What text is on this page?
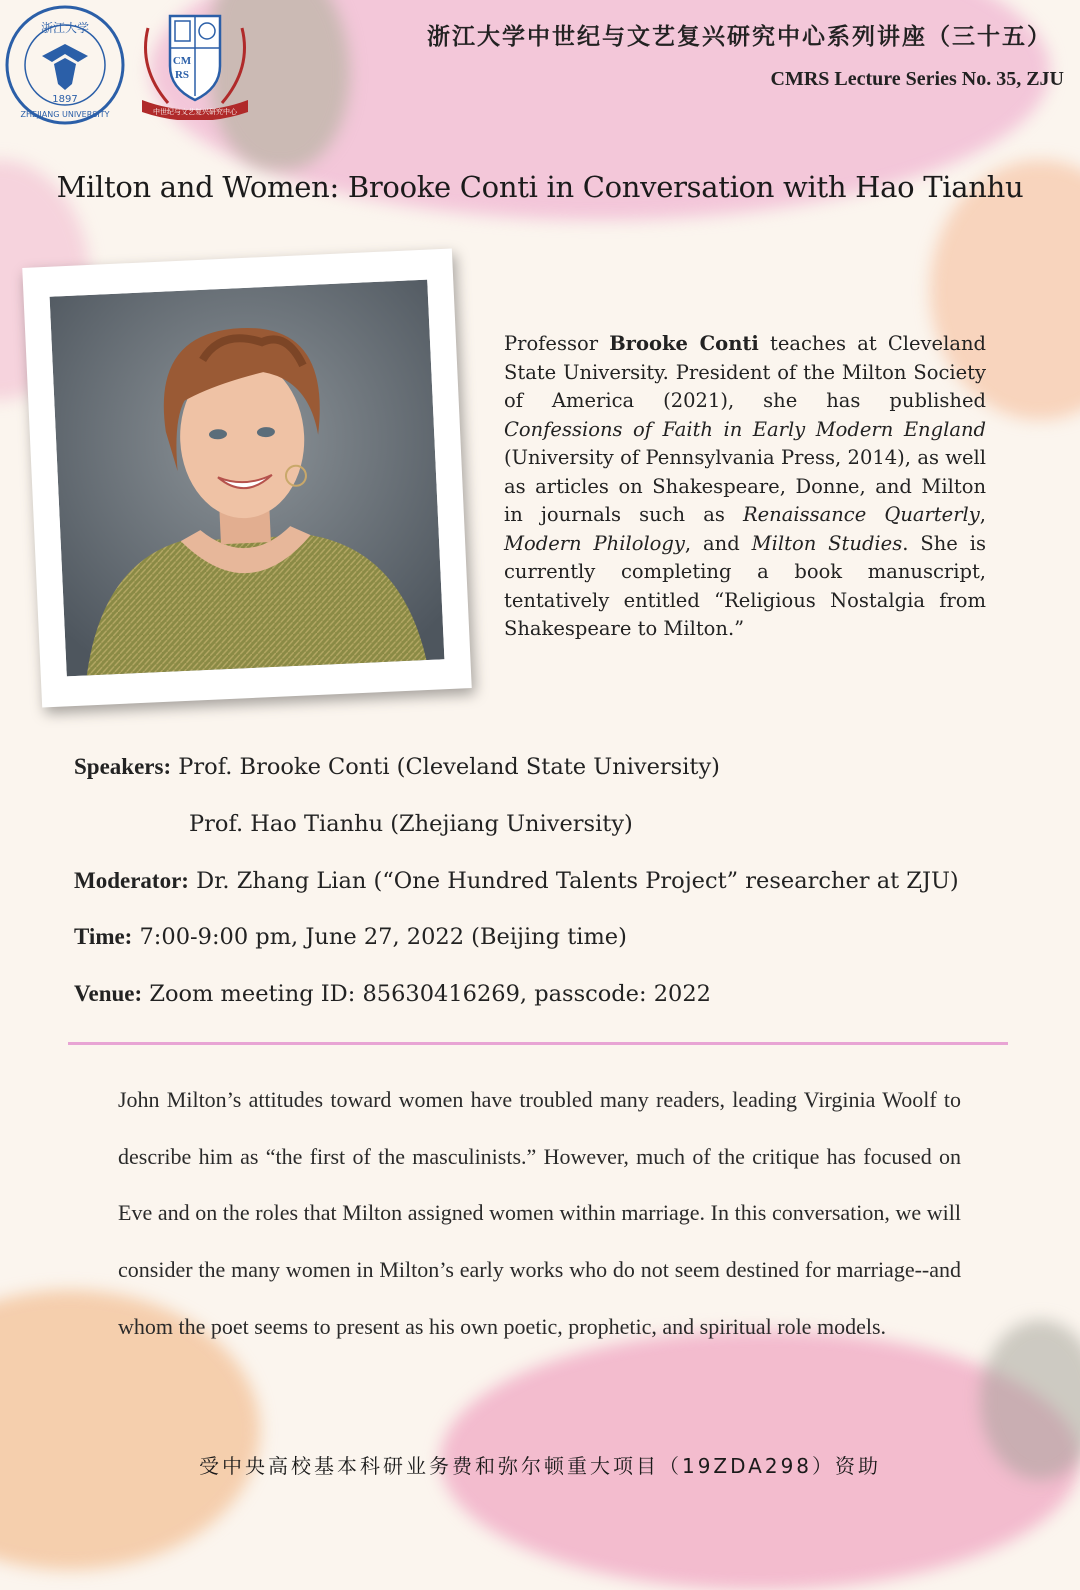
浙江大学
1897
ZHEJIANG UNIVERSITY
CM
RS
中世纪与文艺复兴研究中心
浙江大学中世纪与文艺复兴研究中心系列讲座（三十五）
CMRS Lecture Series No. 35, ZJU
Milton and Women: Brooke Conti in Conversation with Hao Tianhu
Professor Brooke Conti teaches at Cleveland State University. President of the Milton Society of America (2021), she has published Confessions of Faith in Early Modern England (University of Pennsylvania Press, 2014), as well as articles on Shakespeare, Donne, and Milton in journals such as Renaissance Quarterly, Modern Philology, and Milton Studies. She is currently completing a book manuscript, tentatively entitled “Religious Nostalgia from Shakespeare to Milton.”
Speakers: Prof. Brooke Conti (Cleveland State University)
Prof. Hao Tianhu (Zhejiang University)
Moderator: Dr. Zhang Lian (“One Hundred Talents Project” researcher at ZJU)
Time: 7:00-9:00 pm, June 27, 2022 (Beijing time)
Venue: Zoom meeting ID: 85630416269, passcode: 2022
John Milton’s attitudes toward women have troubled many readers, leading Virginia Woolf to describe him as “the first of the masculinists.” However, much of the critique has focused on Eve and on the roles that Milton assigned women within marriage. In this conversation, we will consider the many women in Milton’s early works who do not seem destined for marriage--and whom the poet seems to present as his own poetic, prophetic, and spiritual role models.
受中央高校基本科研业务费和弥尔顿重大项目（19ZDA298）资助
